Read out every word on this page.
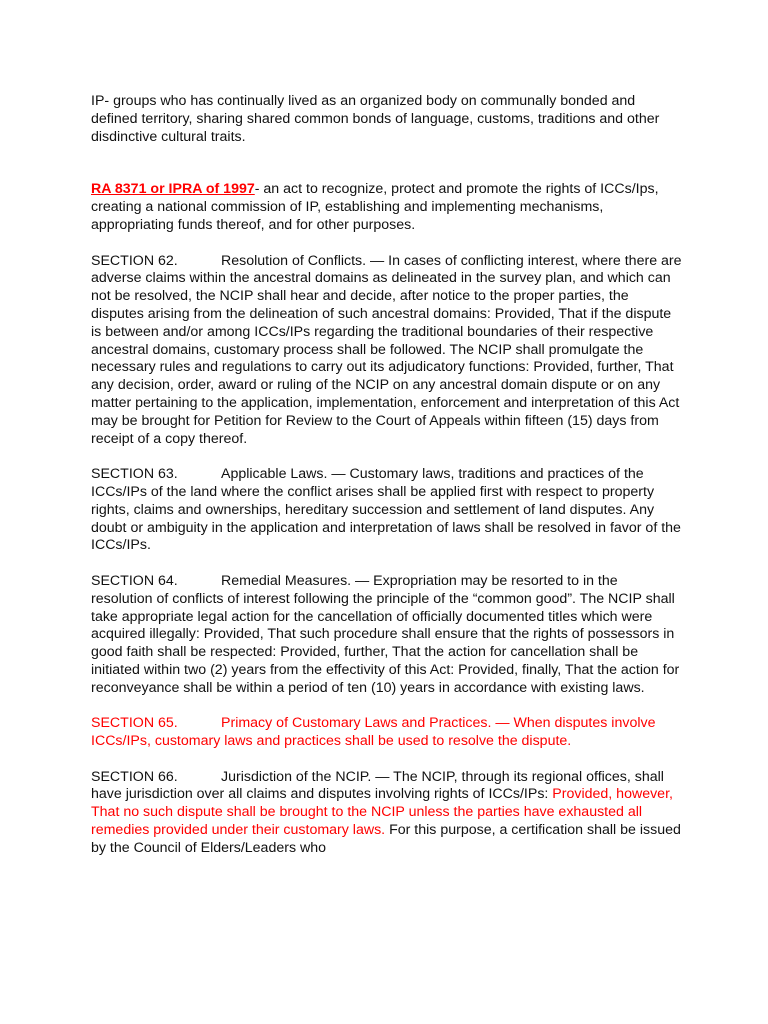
IP- groups who has continually lived as an organized body on communally bonded and defined territory, sharing shared common bonds of language, customs, traditions and other disdinctive cultural traits.

RA 8371 or IPRA of 1997- an act to recognize, protect and promote the rights of ICCs/Ips, creating a national commission of IP, establishing and implementing mechanisms, appropriating funds thereof, and for other purposes.

SECTION 62.	Resolution of Conflicts. — In cases of conflicting interest, where there are adverse claims within the ancestral domains as delineated in the survey plan, and which can not be resolved, the NCIP shall hear and decide, after notice to the proper parties, the disputes arising from the delineation of such ancestral domains: Provided, That if the dispute is between and/or among ICCs/IPs regarding the traditional boundaries of their respective ancestral domains, customary process shall be followed. The NCIP shall promulgate the necessary rules and regulations to carry out its adjudicatory functions: Provided, further, That any decision, order, award or ruling of the NCIP on any ancestral domain dispute or on any matter pertaining to the application, implementation, enforcement and interpretation of this Act may be brought for Petition for Review to the Court of Appeals within fifteen (15) days from receipt of a copy thereof.

SECTION 63.	Applicable Laws. — Customary laws, traditions and practices of the ICCs/IPs of the land where the conflict arises shall be applied first with respect to property rights, claims and ownerships, hereditary succession and settlement of land disputes. Any doubt or ambiguity in the application and interpretation of laws shall be resolved in favor of the ICCs/IPs.

SECTION 64.	Remedial Measures. — Expropriation may be resorted to in the resolution of conflicts of interest following the principle of the “common good”. The NCIP shall take appropriate legal action for the cancellation of officially documented titles which were acquired illegally: Provided, That such procedure shall ensure that the rights of possessors in good faith shall be respected: Provided, further, That the action for cancellation shall be initiated within two (2) years from the effectivity of this Act: Provided, finally, That the action for reconveyance shall be within a period of ten (10) years in accordance with existing laws.

SECTION 65.	Primacy of Customary Laws and Practices. — When disputes involve ICCs/IPs, customary laws and practices shall be used to resolve the dispute.

SECTION 66.	Jurisdiction of the NCIP. — The NCIP, through its regional offices, shall have jurisdiction over all claims and disputes involving rights of ICCs/IPs: Provided, however, That no such dispute shall be brought to the NCIP unless the parties have exhausted all remedies provided under their customary laws. For this purpose, a certification shall be issued by the Council of Elders/Leaders who
